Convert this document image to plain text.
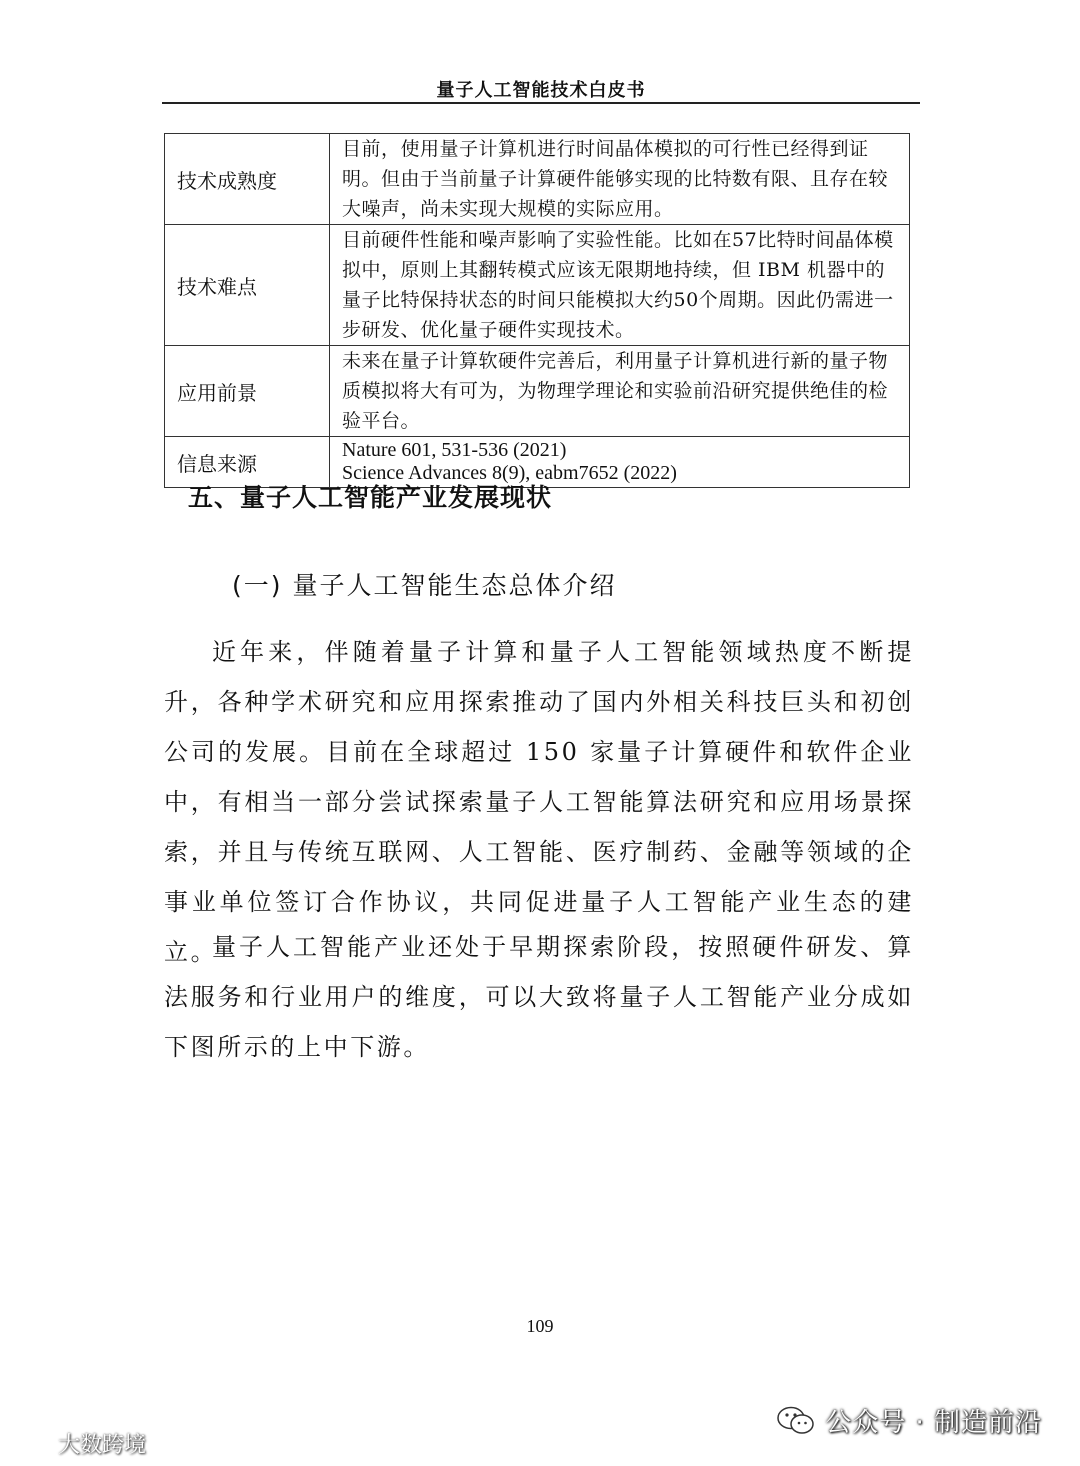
量子人工智能技术白皮书
技术成熟度	目前，使用量子计算机进行时间晶体模拟的可行性已经得到证明。但由于当前量子计算硬件能够实现的比特数有限、且存在较大噪声，尚未实现大规模的实际应用。
技术难点	目前硬件性能和噪声影响了实验性能。比如在57比特时间晶体模拟中，原则上其翻转模式应该无限期地持续，但 IBM 机器中的量子比特保持状态的时间只能模拟大约50个周期。因此仍需进一步研发、优化量子硬件实现技术。
应用前景	未来在量子计算软硬件完善后，利用量子计算机进行新的量子物质模拟将大有可为，为物理学理论和实验前沿研究提供绝佳的检验平台。
信息来源	Nature 601, 531-536 (2021)
Science Advances 8(9), eabm7652 (2022)
五、量子人工智能产业发展现状
(一) 量子人工智能生态总体介绍

近年来，伴随着量子计算和量子人工智能领域热度不断提升，各种学术研究和应用探索推动了国内外相关科技巨头和初创公司的发展。目前在全球超过 150 家量子计算硬件和软件企业中，有相当一部分尝试探索量子人工智能算法研究和应用场景探索，并且与传统互联网、人工智能、医疗制药、金融等领域的企事业单位签订合作协议，共同促进量子人工智能产业生态的建立。

量子人工智能产业还处于早期探索阶段，按照硬件研发、算法服务和行业用户的维度，可以大致将量子人工智能产业分成如下图所示的上中下游。

109
公众号 · 制造前沿
大数跨境
